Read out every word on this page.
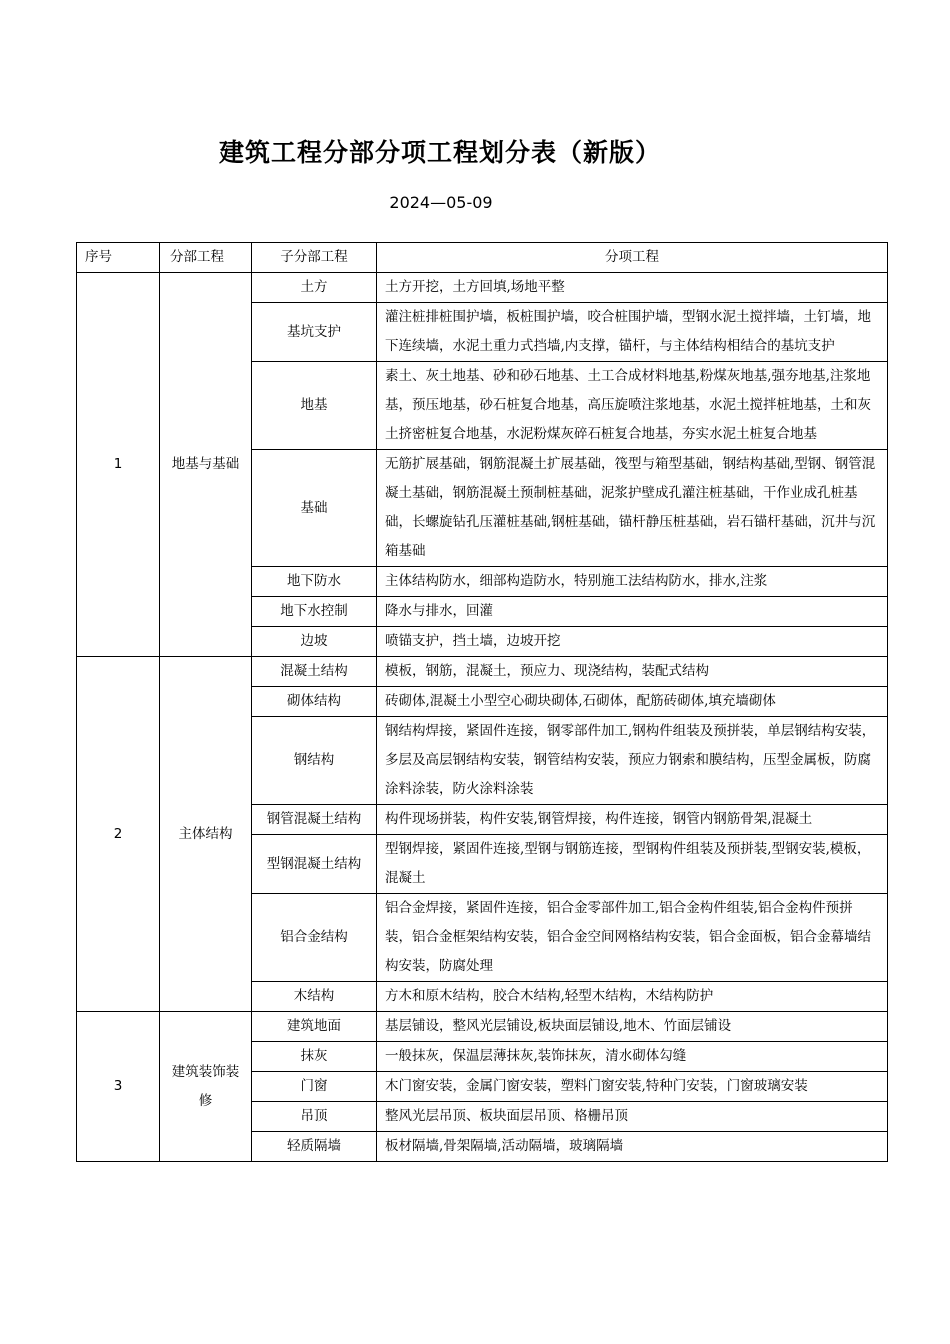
建筑工程分部分项工程划分表（新版）
2024—05-09
序号	分部工程	子分部工程	分项工程
1	地基与基础	土方	土方开挖，土方回填,场地平整
		基坑支护	灌注桩排桩围护墙，板桩围护墙，咬合桩围护墙，型钢水泥土搅拌墙，土钉墙，地下连续墙，水泥土重力式挡墙,内支撑，锚杆，与主体结构相结合的基坑支护
		地基	素土、灰土地基、砂和砂石地基、土工合成材料地基,粉煤灰地基,强夯地基,注浆地基，预压地基，砂石桩复合地基，高压旋喷注浆地基，水泥土搅拌桩地基，土和灰土挤密桩复合地基，水泥粉煤灰碎石桩复合地基，夯实水泥土桩复合地基
		基础	无筋扩展基础，钢筋混凝土扩展基础，筏型与箱型基础，钢结构基础,型钢、钢管混凝土基础，钢筋混凝土预制桩基础，泥浆护壁成孔灌注桩基础，干作业成孔桩基础，长螺旋钻孔压灌桩基础,钢桩基础，锚杆静压桩基础，岩石锚杆基础，沉井与沉箱基础
		地下防水	主体结构防水，细部构造防水，特别施工法结构防水，排水,注浆
		地下水控制	降水与排水，回灌
		边坡	喷锚支护，挡土墙，边坡开挖
2	主体结构	混凝土结构	模板，钢筋，混凝土，预应力、现浇结构，装配式结构
		砌体结构	砖砌体,混凝土小型空心砌块砌体,石砌体，配筋砖砌体,填充墙砌体
		钢结构	钢结构焊接，紧固件连接，钢零部件加工,钢构件组装及预拼装，单层钢结构安装，多层及高层钢结构安装，钢管结构安装，预应力钢索和膜结构，压型金属板，防腐涂料涂装，防火涂料涂装
		钢管混凝土结构	构件现场拼装，构件安装,钢管焊接，构件连接，钢管内钢筋骨架,混凝土
		型钢混凝土结构	型钢焊接，紧固件连接,型钢与钢筋连接，型钢构件组装及预拼装,型钢安装,模板，混凝土
		铝合金结构	铝合金焊接，紧固件连接，铝合金零部件加工,铝合金构件组装,铝合金构件预拼装，铝合金框架结构安装，铝合金空间网格结构安装，铝合金面板，铝合金幕墙结构安装，防腐处理
		木结构	方木和原木结构，胶合木结构,轻型木结构，木结构防护
3	建筑装饰装修	建筑地面	基层铺设，整风光层铺设,板块面层铺设,地木、竹面层铺设
		抹灰	一般抹灰，保温层薄抹灰,装饰抹灰，清水砌体勾缝
		门窗	木门窗安装，金属门窗安装，塑料门窗安装,特种门安装，门窗玻璃安装
		吊顶	整风光层吊顶、板块面层吊顶、格栅吊顶
		轻质隔墙	板材隔墙,骨架隔墙,活动隔墙，玻璃隔墙
